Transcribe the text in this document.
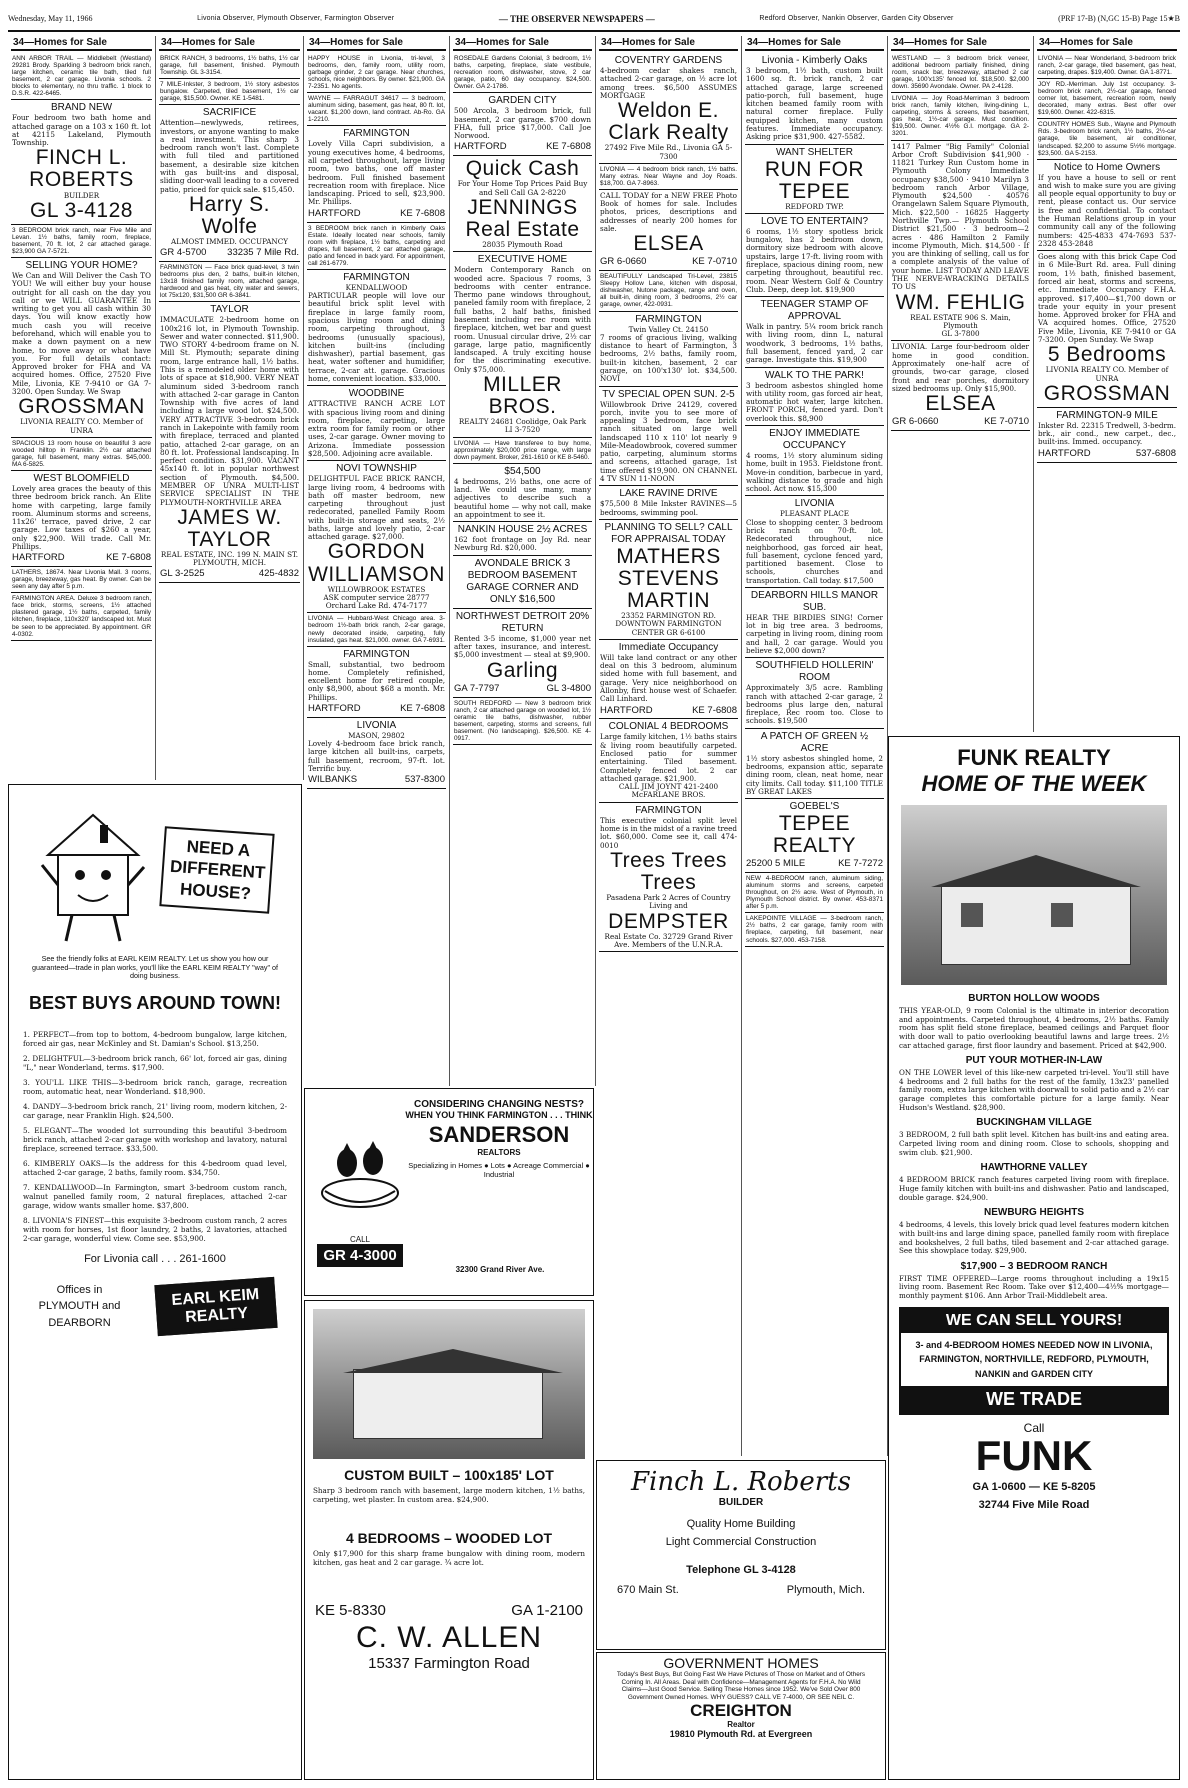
Wednesday, May 11, 1966	Livonia Observer, Plymouth Observer, Farmington Observer	— THE OBSERVER NEWSPAPERS —	Redford Observer, Nankin Observer, Garden City Observer	(PRF 17-B) (N,GC 15-B) Page 15★B
34—Homes for Sale
ANN ARBOR TRAIL — Middlebelt (Westland) 29281 Brody. Sparkling 3 bedroom brick ranch, large kitchen, ceramic tile bath, tiled full basement, 2 car garage. Livonia schools. 2 blocks to elementary, no thru traffic. 1 block to D.S.R. 422-6465.
BRAND NEW
Four bedroom two bath home and attached garage on a 103 x 160 ft. lot at 42115 Lakeland, Plymouth Township.
FINCH L. ROBERTS
BUILDER
GL 3-4128
3 BEDROOM brick ranch, near Five Mile and Levan. 1½ baths, family room, fireplace, basement, 70 ft. lot, 2 car attached garage. $23,900 GA 7-5721.
SELLING YOUR HOME?
We Can and Will Deliver the Cash TO YOU! We will either buy your house outright for all cash on the day you call or we WILL GUARANTEE In writing to get you all cash within 30 days. You will know exactly how much cash you will receive beforehand, which will enable you to make a down payment on a new home, to move away or what have you. For full details contact: Approved broker for FHA and VA acquired homes. Office, 27520 Five Mile, Livonia, KE 7-9410 or GA 7-3200. Open Sunday. We Swap
GROSSMAN
LIVONIA REALTY CO. Member of UNRA
SPACIOUS 13 room house on beautiful 3 acre wooded hilltop in Franklin. 2½ car attached garage, full basement, many extras. $45,000. MA 6-5825.
WEST BLOOMFIELD
Lovely area graces the beauty of this three bedroom brick ranch. An Elite home with carpeting, large family room. Aluminum storms and screens, 11x26' terrace, paved drive, 2 car garage. Low taxes of $260 a year, only $22,900. Will trade. Call Mr. Phillips.
HARTFORD	KE 7-6808
LATHERS, 18674. Near Livonia Mall. 3 rooms, garage, breezeway, gas heat. By owner. Can be seen any day after 5 p.m.
FARMINGTON AREA. Deluxe 3 bedroom ranch, face brick, storms, screens, 1½ attached plastered garage, 1½ baths, carpeted, family kitchen, fireplace, 110x320' landscaped lot. Must be seen to be appreciated. By appointment. GR 4-0302.
34—Homes for Sale
BRICK RANCH, 3 bedrooms, 1½ baths, 1½ car garage, full basement, finished. Plymouth Township. GL 3-3154.
7 MILE-Inkster, 3 bedroom, 1½ story asbestos bungalow. Carpeted, tiled basement, 1½ car garage, $15,500. Owner. KE 1-5481.
SACRIFICE
Attention—newlyweds, retirees, investors, or anyone wanting to make a real investment. This sharp 3 bedroom ranch won't last. Complete with full tiled and partitioned basement, a desirable size kitchen with gas built-ins and disposal, sliding door-wall leading to a covered patio, priced for quick sale. $15,450.
Harry S. Wolfe
ALMOST IMMED. OCCUPANCY
GR 4-5700 33235 7 Mile Rd.
FARMINGTON — Face brick quad-level, 3 twin bedrooms plus den, 2 baths, built-in kitchen, 13x18 finished family room, attached garage, hardwood and gas heat, city water and sewers, lot 75x120, $31,500 GR 6-3841.
TAYLOR
IMMACULATE 2-bedroom home on 100x216 lot, in Plymouth Township. Sewer and water connected. $11,900. TWO STORY 4-bedroom frame on N. Mill St. Plymouth; separate dining room, large entrance hall, 1½ baths. This is a remodeled older home with lots of space at $18,900. VERY NEAT aluminum sided 3-bedroom ranch with attached 2-car garage in Canton Township with five acres of land including a large wood lot. $24,500. VERY ATTRACTIVE 3-bedroom brick ranch in Lakepointe with family room with fireplace, terraced and planted patio, attached 2-car garage, on an 80 ft. lot. Professional landscaping. In perfect condition. $31,900. VACANT 45x140 ft. lot in popular northwest section of Plymouth. $4,500. MEMBER OF UNRA MULTI-LIST SERVICE SPECIALIST IN THE PLYMOUTH-NORTHVILLE AREA
JAMES W. TAYLOR
REAL ESTATE, INC. 199 N. MAIN ST. PLYMOUTH, MICH.
GL 3-2525	425-4832
34—Homes for Sale
HAPPY HOUSE in Livonia, tri-level, 3 bedrooms, den, family room, utility room, garbage grinder, 2 car garage. Near churches, schools, nice neighbors. By owner. $21,900. GA 7-2351. No agents.
WAYNE — FARRAGUT 34617 — 3 bedroom, aluminum siding, basement, gas heat, 80 ft. lot, vacant. $1,200 down, land contract. Ab-Ro. GA 1-2210.
FARMINGTON
Lovely Villa Capri subdivision, a young executives home, 4 bedrooms, all carpeted throughout, large living room, two baths, one off master bedroom. Full finished basement recreation room with fireplace. Nice landscaping. Priced to sell, $23,900. Mr. Phillips.
HARTFORD	KE 7-6808
3 BEDROOM brick ranch in Kimberly Oaks Estate. Ideally located near schools, family room with fireplace, 1½ baths, carpeting and drapes, full basement, 2 car attached garage, patio and fenced in back yard. For appointment, call 261-6779.
FARMINGTON
KENDALLWOOD
PARTICULAR people will love our beautiful brick split level with fireplace in large family room, spacious living room and dining room, carpeting throughout, 3 bedrooms (unusually spacious), kitchen built-ins (including dishwasher), partial basement, gas heat, water softener and humidifier, terrace, 2-car att. garage. Gracious home, convenient location. $33,000.
WOODBINE
ATTRACTIVE RANCH ACRE LOT with spacious living room and dining room, fireplace, carpeting, large extra room for family room or other uses, 2-car garage. Owner moving to Arizona. Immediate possession $28,500. Adjoining acre available.
NOVI TOWNSHIP
DELIGHTFUL FACE BRICK RANCH, large living room, 4 bedrooms with bath off master bedroom, new carpeting throughout just redecorated, panelled Family Room with built-in storage and seats, 2½ baths, large and lovely patio, 2-car attached garage. $27,000.
GORDON WILLIAMSON
WILLOWBROOK ESTATES
ASK computer service 28777 Orchard Lake Rd. 474-7177
LIVONIA — Hubbard-West Chicago area. 3-bedroom 1½-bath brick ranch, 2-car garage, newly decorated inside, carpeting, fully insulated, gas heat. $21,000. owner. GA 7-6931.
FARMINGTON
Small, substantial, two bedroom home. Completely refinished, excellent home for retired couple, only $8,900, about $68 a month. Mr. Phillips.
HARTFORD	KE 7-6808
LIVONIA
MASON, 29802
Lovely 4-bedroom face brick ranch, large kitchen all built-ins, carpets, full basement, recroom, 97-ft. lot. Terrific buy.
WILBANKS	537-8300
34—Homes for Sale
ROSEDALE Gardens Colonial, 3 bedroom, 1½ baths, carpeting, fireplace, slate vestibule, recreation room, dishwasher, stove, 2 car garage, patio, 60 day occupancy. $24,500. Owner. GA 2-1786.
GARDEN CITY
500 Arcola, 3 bedroom brick, full basement, 2 car garage. $700 down FHA, full price $17,000. Call Joe Norwood.
HARTFORD	KE 7-6808
Quick Cash
For Your Home Top Prices Paid Buy and Sell Call GA 2-8220
JENNINGS Real Estate
28035 Plymouth Road
EXECUTIVE HOME
Modern Contemporary Ranch on wooded acre. Spacious 7 rooms, 3 bedrooms with center entrance. Thermo pane windows throughout, paneled family room with fireplace, 2 full baths, 2 half baths, finished basement including rec room with fireplace, kitchen, wet bar and guest room. Unusual circular drive, 2½ car garage, large patio, magnificently landscaped. A truly exciting house for the discriminating executive. Only $75,000.
MILLER BROS.
REALTY 24681 Coolidge, Oak Park
LI 3-7520
LIVONIA — Have transferee to buy home, approximately $20,000 price range, with large down payment. Broker, 261-1610 or KE 8-5460.
$54,500
4 bedrooms, 2½ baths, one acre of land. We could use many, many adjectives to describe such a beautiful home — why not call, make an appointment to see it.
NANKIN HOUSE 2½ ACRES
162 foot frontage on Joy Rd. near Newburg Rd. $20,000.
AVONDALE BRICK 3 BEDROOM BASEMENT GARAGE CORNER AND ONLY $16,500
NORTHWEST DETROIT 20% RETURN
Rented 3-5 income, $1,000 year net after taxes, insurance, and interest. $5,000 investment — steal at $9,900.
Garling
GA 7-7797	GL 3-4800
SOUTH REDFORD — New 3 bedroom brick ranch, 2 car attached garage on wooded lot, 1½ ceramic tile baths, dishwasher, rubber basement, carpeting, storms and screens, full basement. (No landscaping). $26,500. KE 4-0917.
34—Homes for Sale
COVENTRY GARDENS
4-bedroom cedar shakes ranch, attached 2-car garage, on ½ acre lot among trees. $6,500 ASSUMES MORTGAGE
Weldon E. Clark Realty
27492 Five Mile Rd., Livonia GA 5-7300
LIVONIA — 4 bedroom brick ranch, 1½ baths. Many extras. Near Wayne and Joy Roads. $18,700. GA 7-8963.
CALL TODAY for a NEW FREE Photo Book of homes for sale. Includes photos, prices, descriptions and addresses of nearly 200 homes for sale.
ELSEA
GR 6-0660	KE 7-0710
BEAUTIFULLY Landscaped Tri-Level, 23815 Sleepy Hollow Lane, kitchen with disposal, dishwasher, Nutone package, range and oven, all built-in, dining room, 3 bedrooms, 2½ car garage, owner, 422-0931.
FARMINGTON
Twin Valley Ct. 24150
7 rooms of gracious living, walking distance to heart of Farmington, 3 bedrooms, 2½ baths, family room, built-in kitchen, basement, 2 car garage, on 100'x130' lot. $34,500. NOVI
TV SPECIAL OPEN SUN. 2-5
Willowbrook Drive 24129, covered porch, invite you to see more of appealing 3 bedroom, face brick ranch situated on large well landscaped 110 x 110' lot nearly 9 Mile-Meadowbrook, covered summer patio, carpeting, aluminum storms and screens, attached garage, 1st time offered $19,900. ON CHANNEL 4 TV SUN 11-NOON
LAKE RAVINE DRIVE
$75,500 8 Mile Inkster RAVINES—5 bedrooms, swimming pool.
PLANNING TO SELL? CALL FOR APPRAISAL TODAY
MATHERS STEVENS MARTIN
23352 FARMINGTON RD. DOWNTOWN FARMINGTON CENTER GR 6-6100
Immediate Occupancy
Will take land contract or any other deal on this 3 bedroom, aluminum sided home with full basement, and garage. Very nice neighborhood on Allonby, first house west of Schaefer. Call Linhard.
HARTFORD	KE 7-6808
COLONIAL 4 BEDROOMS
Large family kitchen, 1½ baths stairs & living room beautifully carpeted. Enclosed patio for summer entertaining. Tiled basement. Completely fenced lot. 2 car attached garage. $21,900.
CALL JIM JOYNT 421-2400 McFARLANE BROS.
FARMINGTON
This executive colonial split level home is in the midst of a ravine treed lot. $60,000. Come see it, call 474-0010
Trees Trees Trees
Pasadena Park 2 Acres of Country Living and
DEMPSTER
Real Estate Co. 32729 Grand River Ave. Members of the U.N.R.A.
34—Homes for Sale
Livonia - Kimberly Oaks
3 bedroom, 1½ bath, custom built 1600 sq. ft. brick ranch, 2 car attached garage, large screened patio-porch, full basement, huge kitchen beamed family room with natural corner fireplace. Fully equipped kitchen, many custom features. Immediate occupancy. Asking price $31,900. 427-5582.
WANT SHELTER
RUN FOR TEPEE
REDFORD TWP.
LOVE TO ENTERTAIN?
6 rooms, 1½ story spotless brick bungalow, has 2 bedroom down, dormitory size bedroom with alcove upstairs, large 17-ft. living room with fireplace, spacious dining room, new carpeting throughout, beautiful rec. room. Near Western Golf & Country Club. Deep, deep lot. $19,900
TEENAGER STAMP OF APPROVAL
Walk in pantry. 5¼ room brick ranch with living room, dinn L, natural woodwork, 3 bedrooms, 1½ baths, full basement, fenced yard, 2 car garage. Investigate this. $19,900
WALK TO THE PARK!
3 bedroom asbestos shingled home with utility room, gas forced air heat, automatic hot water, large kitchen. FRONT PORCH, fenced yard. Don't overlook this. $8,900
ENJOY IMMEDIATE OCCUPANCY
4 rooms, 1½ story aluminum siding home, built in 1953. Fieldstone front. Move-in condition, barbecue in yard, walking distance to grade and high school. Act now. $15,300
LIVONIA
PLEASANT PLACE
Close to shopping center. 3 bedroom brick ranch on 70-ft. lot. Redecorated throughout, nice neighborhood, gas forced air heat, full basement, cyclone fenced yard, partitioned basement. Close to schools, churches and transportation. Call today. $17,500
DEARBORN HILLS MANOR SUB.
HEAR THE BIRDIES SING! Corner lot in big tree area. 3 bedrooms, carpeting in living room, dining room and hall, 2 car garage. Would you believe $2,000 down?
SOUTHFIELD HOLLERIN' ROOM
Approximately 3/5 acre. Rambling ranch with attached 2-car garage, 2 bedrooms plus large den, natural fireplace, Rec room too. Close to schools. $19,500
A PATCH OF GREEN ½ ACRE
1½ story asbestos shingled home, 2 bedrooms, expansion attic, separate dining room, clean, neat home, near city limits. Call today. $11,100 TITLE BY GREAT LAKES
GOEBEL'S
TEPEE REALTY
25200 5 MILE	KE 7-7272
NEW 4-BEDROOM ranch, aluminum siding, aluminum storms and screens, carpeted throughout, on 2½ acre. West of Plymouth, in Plymouth School district. By owner. 453-8371 after 5 p.m.
LAKEPOINTE VILLAGE — 3-bedroom ranch, 2½ baths, 2 car garage, family room with fireplace, carpeting, full basement, near schools. $27,000. 453-7158.
34—Homes for Sale
WESTLAND — 3 bedroom brick veneer, additional bedroom partially finished, dining room, snack bar, breezeway, attached 2 car garage, 100'x135' fenced lot. $18,500. $2,000 down. 35690 Avondale. Owner. PA 2-4128.
LIVONIA — Joy Road-Merriman 3 bedroom brick ranch, family kitchen, living-dining L, carpeting, storms & screens, tiled basement, gas heat, 1½-car garage. Must condition. $19,500. Owner. 4½% G.I. mortgage. GA 2-3201.
1417 Palmer "Big Family" Colonial Arbor Croft Subdivision $41,900 · 11821 Turkey Run Custom home in Plymouth Colony Immediate occupancy $38,500 · 9410 Marilyn 3 bedroom ranch Arbor Village, Plymouth $24,500 · 40576 Orangelawn Salem Square Plymouth, Mich. $22,500 · 16825 Haggerty Northville Twp.— Plymouth School District $21,500 · 3 bedroom—2 acres · 486 Hamilton 2 Family income Plymouth, Mich. $14,500 · If you are thinking of selling, call us for a complete analysis of the value of your home. LIST TODAY AND LEAVE THE NERVE-WRACKING DETAILS TO US
WM. FEHLIG
REAL ESTATE 906 S. Main, Plymouth
GL 3-7800
LIVONIA. Large four-bedroom older home in good condition. Approximately one-half acre of grounds, two-car garage, closed front and rear porches, dormitory sized bedrooms up. Only $15,900.
ELSEA
GR 6-0660	KE 7-0710
34—Homes for Sale
LIVONIA — Near Wonderland, 3-bedroom brick ranch, 2-car garage, tiled basement, gas heat, carpeting, drapes. $19,400. Owner. GA 1-8771.
JOY RD.-Merriman. July 1st occupancy. 3-bedroom brick ranch, 2½-car garage, fenced corner lot, basement, recreation room, newly decorated, many extras. Best offer over $19,600. Owner. 422-6315.
COUNTRY HOMES Sub., Wayne and Plymouth Rds. 3-bedroom brick ranch, 1½ baths, 2½-car garage, tile basement, air conditioner, landscaped. $2,200 to assume 5½% mortgage. $23,500. GA 5-2153.
Notice to Home Owners
If you have a house to sell or rent and wish to make sure you are giving all people equal opportunity to buy or rent, please contact us. Our service is free and confidential. To contact the Human Relations group in your community call any of the following numbers: 425-4833 474-7693 537-2328 453-2848
Goes along with this brick Cape Cod in 6 Mile-Burt Rd. area. Full dining room, 1½ bath, finished basement, forced air heat, storms and screens, etc. Immediate Occupancy F.H.A. approved. $17,400—$1,700 down or trade your equity in your present home. Approved broker for FHA and VA acquired homes. Office, 27520 Five Mile, Livonia, KE 7-9410 or GA 7-3200. Open Sunday. We Swap
5 Bedrooms
LIVONIA REALTY CO. Member of UNRA
GROSSMAN
FARMINGTON-9 MILE
Inkster Rd. 22315 Tredwell, 3-bedrm. brk., air cond., new carpet., dec., built-ins. Immed. occupancy.
HARTFORD	537-6808
NEED A DIFFERENT HOUSE?

See the friendly folks at EARL KEIM REALTY. Let us show you how our guaranteed—trade in plan works, you'll like the EARL KEIM REALTY "way" of doing business.

BEST BUYS AROUND TOWN!
1. PERFECT—from top to bottom, 4-bedroom bungalow, large kitchen, forced air gas, near McKinley and St. Damian's School. $13,250.
2. DELIGHTFUL—3-bedroom brick ranch, 66' lot, forced air gas, dining "L," near Wonderland, terms. $17,900.
3. YOU'LL LIKE THIS—3-bedroom brick ranch, garage, recreation room, automatic heat, near Wonderland. $18,900.
4. DANDY—3-bedroom brick ranch, 21' living room, modern kitchen, 2-car garage, near Franklin High. $24,500.
5. ELEGANT—The wooded lot surrounding this beautiful 3-bedroom brick ranch, attached 2-car garage with workshop and lavatory, natural fireplace, screened terrace. $33,500.
6. KIMBERLY OAKS—Is the address for this 4-bedroom quad level, attached 2-car garage, 2 baths, family room. $34,750.
7. KENDALLWOOD—In Farmington, smart 3-bedroom custom ranch, walnut panelled family room, 2 natural fireplaces, attached 2-car garage, widow wants smaller home. $37,800.
8. LIVONIA'S FINEST—this exquisite 3-bedroom custom ranch, 2 acres with room for horses, 1st floor laundry, 2 baths, 2 lavatories, attached 2-car garage, wonderful view. Come see. $53,900.
For Livonia call . . . 261-1600
Offices in PLYMOUTH and DEARBORN
EARL KEIM REALTY
CONSIDERING CHANGING NESTS?
WHEN YOU THINK FARMINGTON . . . THINK
SANDERSON
REALTORS
Specializing in Homes ● Lots ● Acreage Commercial ● Industrial
CALL
GR 4-3000
32300 Grand River Ave.
CUSTOM BUILT – 100x185' LOT

Sharp 3 bedroom ranch with basement, large modern kitchen, 1½ baths, carpeting, wet plaster. In custom area. $24,900.

4 BEDROOMS – WOODED LOT

Only $17,900 for this sharp frame bungalow with dining room, modern kitchen, gas heat and 2 car garage. ¾ acre lot.

KE 5-8330	GA 1-2100
C. W. ALLEN
15337 Farmington Road
Finch L. Roberts
BUILDER
Quality Home Building
Light Commercial Construction
Telephone GL 3-4128
670 Main St.	Plymouth, Mich.
GOVERNMENT HOMES

Today's Best Buys, But Going Fast We Have Pictures of Those on Market and of Others Coming In. All Areas. Deal with Confidence—Management Agents for F.H.A. No Wild Claims—Just Good Service. Selling These Homes since 1952. We've Sold Over 800 Government Owned Homes. WHY GUESS? CALL VE 7-4000, OR SEE NEIL C.

CREIGHTON
Realtor
19810 Plymouth Rd. at Evergreen
FUNK REALTY
HOME OF THE WEEK
BURTON HOLLOW WOODS

THIS YEAR-OLD, 9 room Colonial is the ultimate in interior decoration and appointments. Carpeted throughout, 4 bedrooms, 2½ baths. Family room has split field stone fireplace, beamed ceilings and Parquet floor with door wall to patio overlooking beautiful lawns and large trees. 2½ car attached garage, first floor laundry and basement. Priced at $42,900.

PUT YOUR MOTHER-IN-LAW

ON THE LOWER level of this like-new carpeted tri-level. You'll still have 4 bedrooms and 2 full baths for the rest of the family, 13x23' panelled family room, extra large kitchen with doorwall to solid patio and a 2½ car garage completes this comfortable picture for a large family. Near Hudson's Westland. $28,900.

BUCKINGHAM VILLAGE

3 BEDROOM, 2 full bath split level. Kitchen has built-ins and eating area. Carpeted living room and dining room. Close to schools, shopping and swim club. $21,900.

HAWTHORNE VALLEY

4 BEDROOM BRICK ranch features carpeted living room with fireplace. Huge family kitchen with built-ins and dishwasher. Patio and landscaped, double garage. $24,900.

NEWBURG HEIGHTS

4 bedrooms, 4 levels, this lovely brick quad level features modern kitchen with built-ins and large dining space, panelled family room with fireplace and bookshelves, 2 full baths, tiled basement and 2-car attached garage. See this showplace today. $29,900.

$17,900 – 3 BEDROOM RANCH

FIRST TIME OFFERED—Large rooms throughout including a 19x15 living room. Basement Rec Room. Take over $12,400—4½% mortgage—monthly payment $106. Ann Arbor Trail-Middlebelt area.

WE CAN SELL YOURS!
3- and 4-BEDROOM HOMES NEEDED NOW IN LIVONIA, FARMINGTON, NORTHVILLE, REDFORD, PLYMOUTH, NANKIN and GARDEN CITY
WE TRADE
Call
FUNK
GA 1-0600 — KE 5-8205
32744 Five Mile Road
